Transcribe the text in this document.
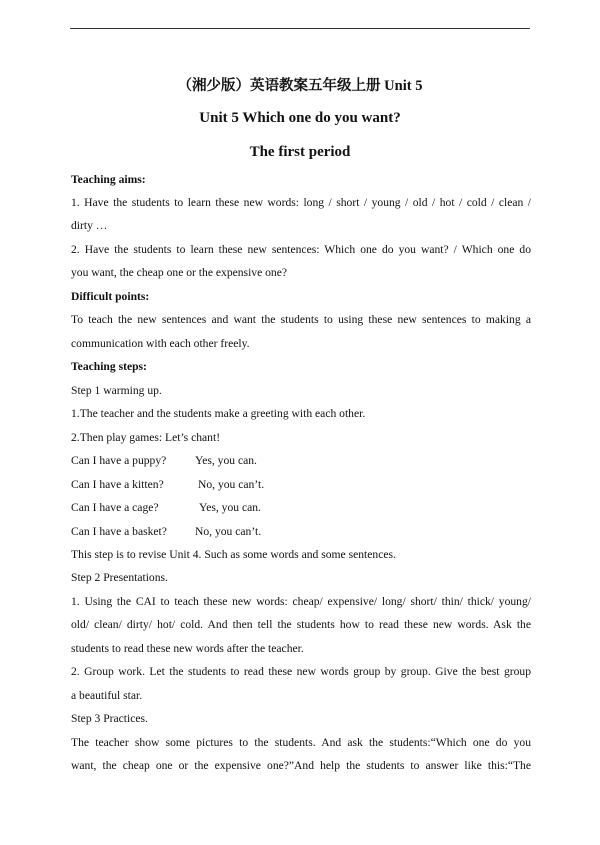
（湘少版）英语教案五年级上册 Unit 5
Unit 5 Which one do you want?
The first period
Teaching aims:
1. Have the students to learn these new words: long / short / young / old / hot / cold / clean /
dirty …
2. Have the students to learn these new sentences: Which one do you want? / Which one do
you want, the cheap one or the expensive one?
Difficult points:
To teach the new sentences and want the students to using these new sentences to making a
communication with each other freely.
Teaching steps:
Step 1 warming up.
1.The teacher and the students make a greeting with each other.
2.Then play games: Let’s chant!
Can I have a puppy? Yes, you can.
Can I have a kitten?	No, you can’t.
Can I have a cage?	Yes, you can.
Can I have a basket? No, you can’t.
This step is to revise Unit 4. Such as some words and some sentences.
Step 2 Presentations.
1. Using the CAI to teach these new words: cheap/ expensive/ long/ short/ thin/ thick/ young/
old/ clean/ dirty/ hot/ cold. And then tell the students how to read these new words. Ask the
students to read these new words after the teacher.
2. Group work. Let the students to read these new words group by group. Give the best group
a beautiful star.
Step 3 Practices.
The teacher show some pictures to the students. And ask the students:“Which one do you
want, the cheap one or the expensive one?”And help the students to answer like this:“The
